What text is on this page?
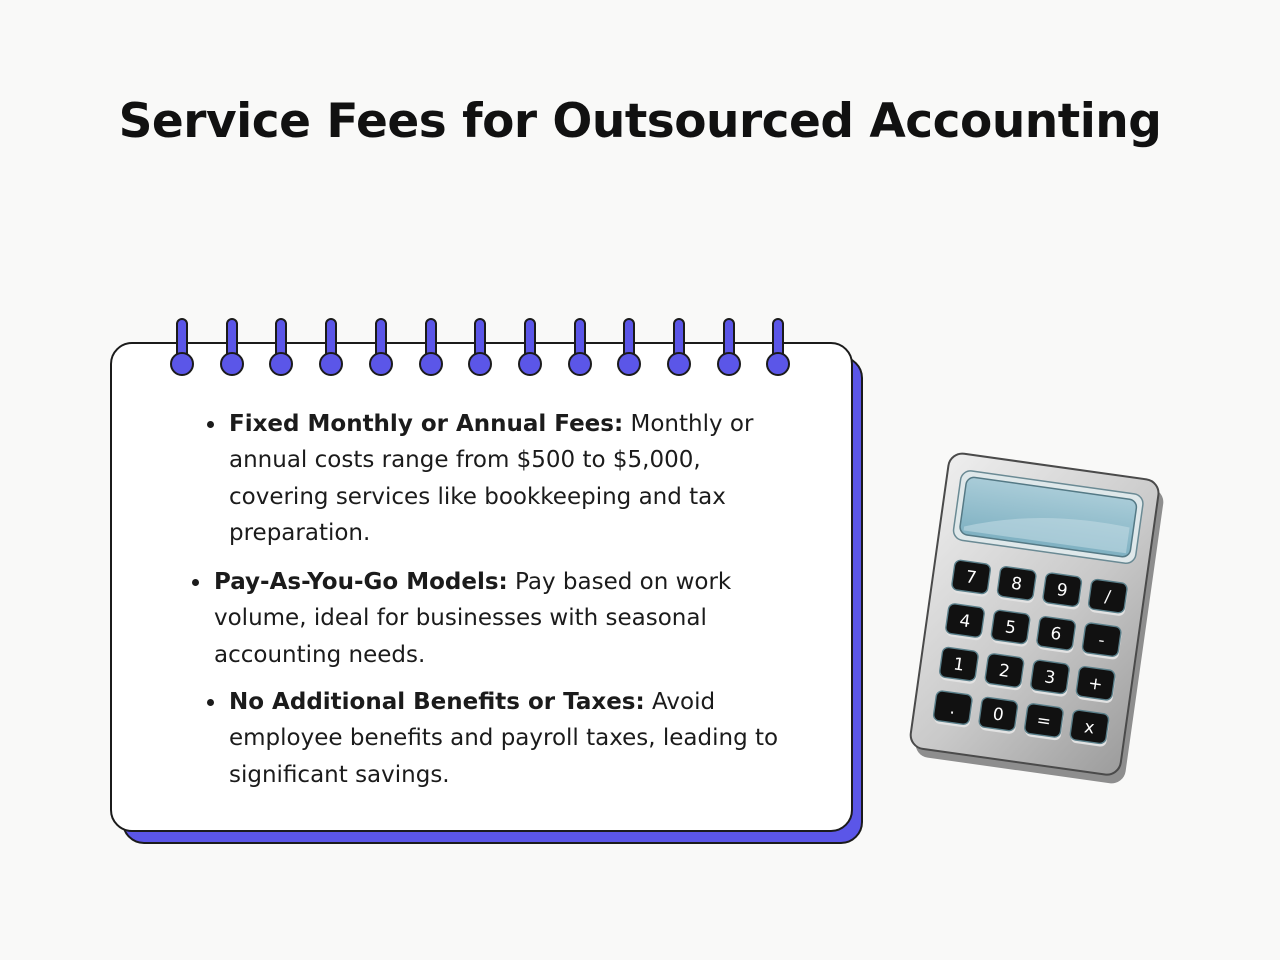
Service Fees for Outsourced Accounting
Fixed Monthly or Annual Fees: Monthly or annual costs range from $500 to $5,000, covering services like bookkeeping and tax preparation.
Pay-As-You-Go Models: Pay based on work volume, ideal for businesses with seasonal accounting needs.
No Additional Benefits or Taxes: Avoid employee benefits and payroll taxes, leading to significant savings.
7 8 9 /
4 5 6 -
1 2 3 +
. 0 = x
